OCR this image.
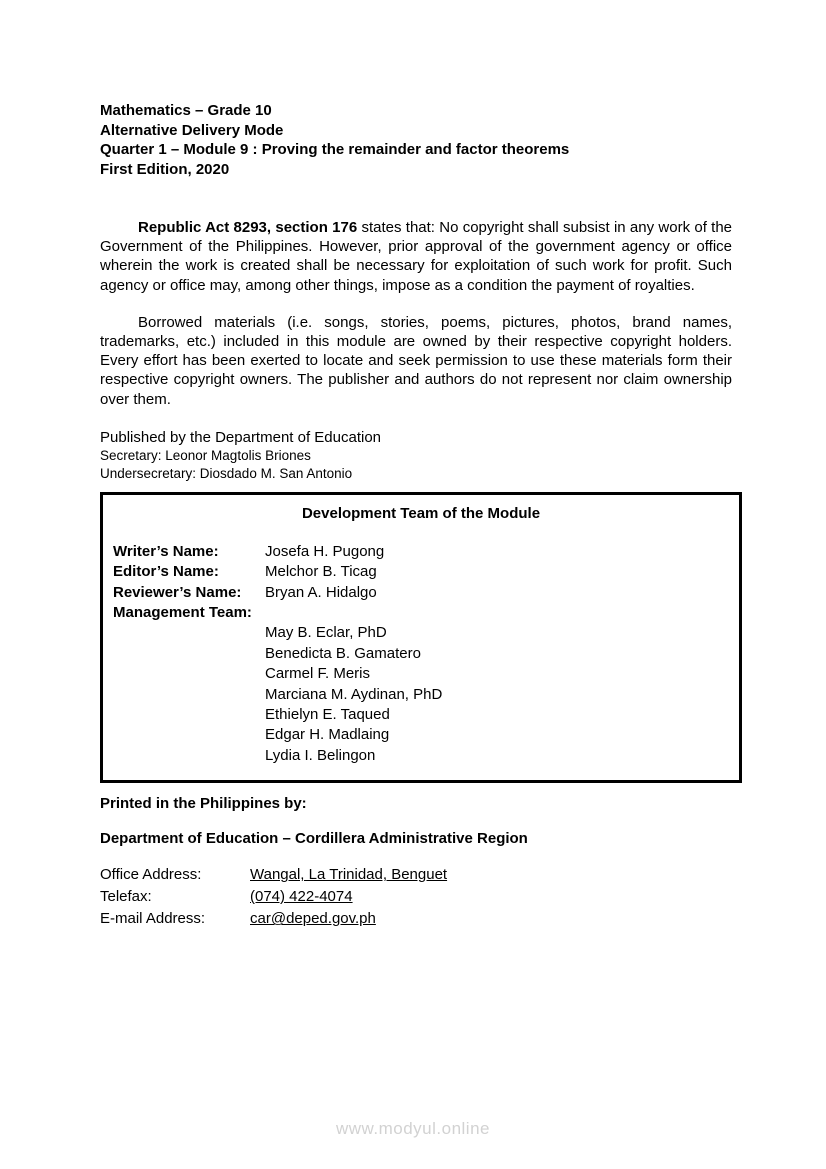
Mathematics – Grade 10
Alternative Delivery Mode
Quarter 1 – Module 9 : Proving the remainder and factor theorems
First Edition, 2020

Republic Act 8293, section 176 states that: No copyright shall subsist in any work of the Government of the Philippines. However, prior approval of the government agency or office wherein the work is created shall be necessary for exploitation of such work for profit. Such agency or office may, among other things, impose as a condition the payment of royalties.

Borrowed materials (i.e. songs, stories, poems, pictures, photos, brand names, trademarks, etc.) included in this module are owned by their respective copyright holders. Every effort has been exerted to locate and seek permission to use these materials form their respective copyright owners. The publisher and authors do not represent nor claim ownership over them.

Published by the Department of Education
Secretary: Leonor Magtolis Briones
Undersecretary: Diosdado M. San Antonio
Development Team of the Module
Writer’s Name:	Josefa H. Pugong
Editor’s Name:	Melchor B. Ticag
Reviewer’s Name:	Bryan A. Hidalgo
Management Team:
May B. Eclar, PhD
Benedicta B. Gamatero
Carmel F. Meris
Marciana M. Aydinan, PhD
Ethielyn E. Taqued
Edgar H. Madlaing
Lydia I. Belingon
Printed in the Philippines by:
Department of Education – Cordillera Administrative Region
Office Address:	Wangal, La Trinidad, Benguet
Telefax:	(074) 422-4074
E-mail Address:	car@deped.gov.ph
www.modyul.online
